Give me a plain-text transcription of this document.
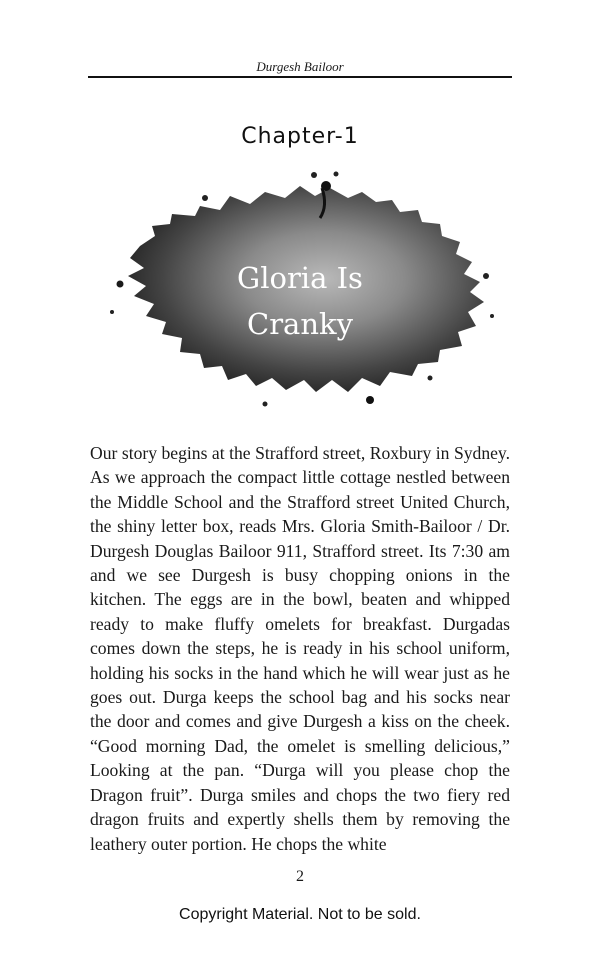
Durgesh Bailoor
Chapter-1
Gloria Is
Cranky

Our story begins at the Strafford street, Roxbury in Sydney. As we approach the compact little cottage nestled between the Middle School and the Strafford street United Church, the shiny letter box, reads Mrs. Gloria Smith-Bailoor / Dr. Durgesh Douglas Bailoor 911, Strafford street. Its 7:30 am and we see Durgesh is busy chopping onions in the kitchen. The eggs are in the bowl, beaten and whipped ready to make fluffy omelets for breakfast. Durgadas comes down the steps, he is ready in his school uniform, holding his socks in the hand which he will wear just as he goes out. Durga keeps the school bag and his socks near the door and comes and give Durgesh a kiss on the cheek. “Good morning Dad, the omelet is smelling delicious,” Looking at the pan. “Durga will you please chop the Dragon fruit”. Durga smiles and chops the two fiery red dragon fruits and expertly shells them by removing the leathery outer portion. He chops the white

2
Copyright Material. Not to be sold.
